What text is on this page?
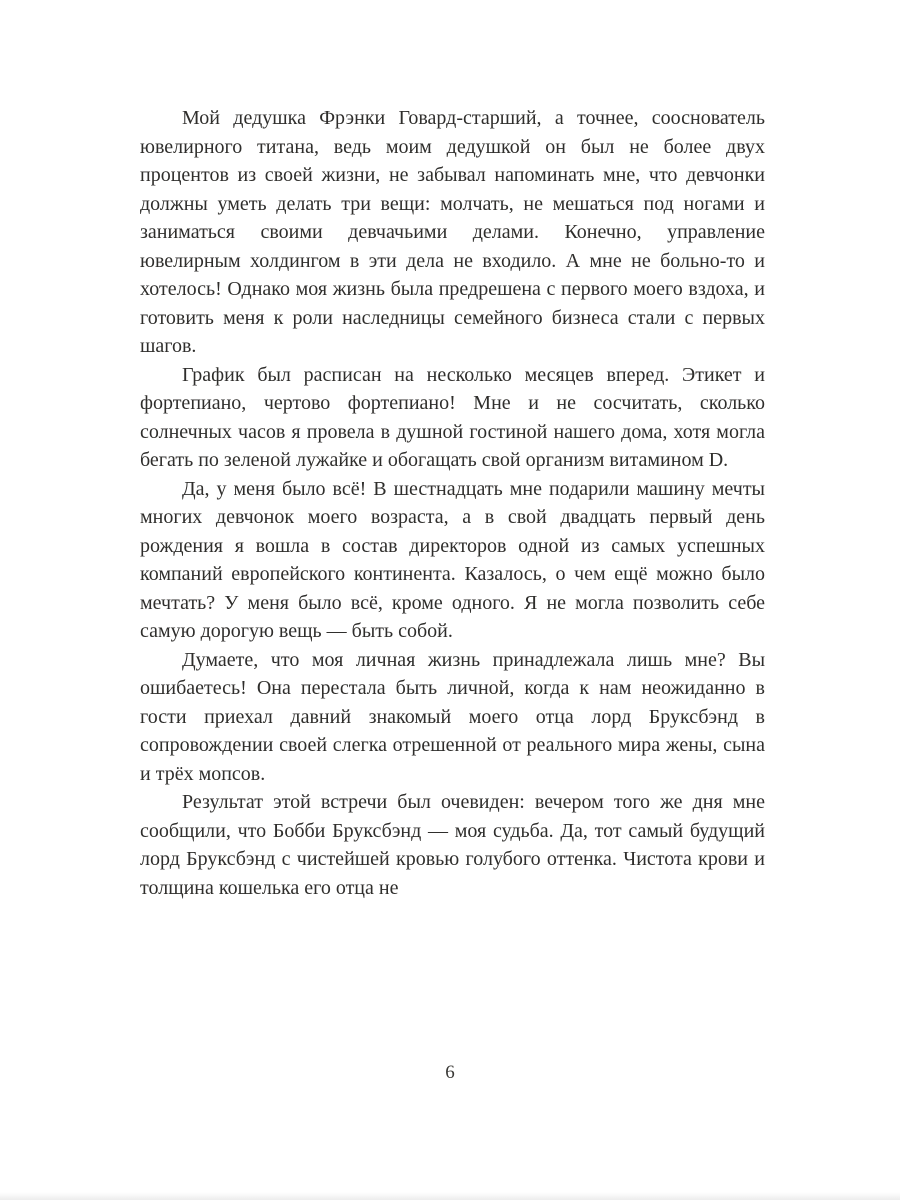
Мой дедушка Фрэнки Говард-старший, а точнее, сооснователь ювелирного титана, ведь моим дедушкой он был не более двух процентов из своей жизни, не забывал напоминать мне, что девчонки должны уметь делать три вещи: молчать, не мешаться под ногами и заниматься своими девчачьими делами. Конечно, управление ювелирным холдингом в эти дела не входило. А мне не больно-то и хотелось! Однако моя жизнь была предрешена с первого моего вздоха, и готовить меня к роли наследницы семейного бизнеса стали с первых шагов.

График был расписан на несколько месяцев вперед. Этикет и фортепиано, чертово фортепиано! Мне и не сосчитать, сколько солнечных часов я провела в душной гостиной нашего дома, хотя могла бегать по зеленой лужайке и обогащать свой организм витамином D.

Да, у меня было всё! В шестнадцать мне подарили машину мечты многих девчонок моего возраста, а в свой двадцать первый день рождения я вошла в состав директоров одной из самых успешных компаний европейского континента. Казалось, о чем ещё можно было мечтать? У меня было всё, кроме одного. Я не могла позволить себе самую дорогую вещь — быть собой.

Думаете, что моя личная жизнь принадлежала лишь мне? Вы ошибаетесь! Она перестала быть личной, когда к нам неожиданно в гости приехал давний знакомый моего отца лорд Бруксбэнд в сопровождении своей слегка отрешенной от реального мира жены, сына и трёх мопсов.

Результат этой встречи был очевиден: вечером того же дня мне сообщили, что Бобби Бруксбэнд — моя судьба. Да, тот самый будущий лорд Бруксбэнд с чистейшей кровью голубого оттенка. Чистота крови и толщина кошелька его отца не

6
